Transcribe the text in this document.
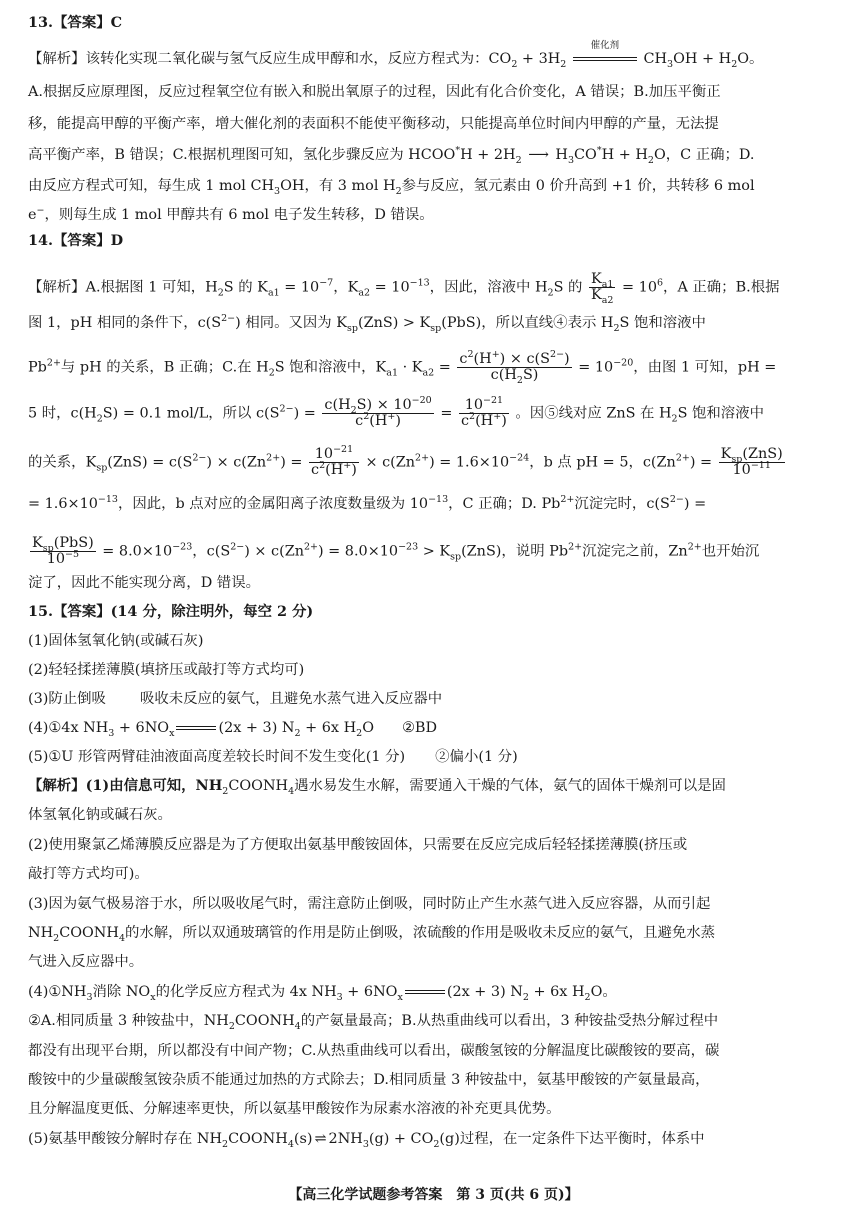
13.【答案】C
【解析】该转化实现二氧化碳与氢气反应生成甲醇和水，反应方程式为：$CO_2 + 3H_2$
催化剂
$CH_3OH + H_2O$。
A.根据反应原理图，反应过程氧空位有嵌入和脱出氧原子的过程，因此有化合价变化，A 错误；B.加压平衡正
移，能提高甲醇的平衡产率，增大催化剂的表面积不能使平衡移动，只能提高单位时间内甲醇的产量，无法提
高平衡产率，B 错误；C.根据机理图可知，氢化步骤反应为 HCOO*H + $2H_2$ ⟶ $H_3CO^*H + H_2O$，C 正确；D.
由反应方程式可知，每生成 1 mol $CH_3OH$，有 3 mol $H_2$参与反应，氢元素由 0 价升高到 +1 价，共转移 6 mol
e−，则每生成 1 mol 甲醇共有 6 mol 电子发生转移，D 错误。
14.【答案】D
【解析】A.根据图 1 可知，$H_2S$ 的 $K_{a1} = 10^{-7}$，$K_{a2} = 10^{-13}$，因此，溶液中 $H_2S$ 的 $\frac{K_{a1}}{K_{a2}} = 10^6$，A 正确；B.根据
图 1，pH 相同的条件下，$c(S^{2-})$ 相同。又因为 $K_{sp}(ZnS) > K_{sp}(PbS)$，所以直线④表示 $H_2S$ 饱和溶液中
$Pb^{2+}$与 pH 的关系，B 正确；C.在 $H_2S$ 饱和溶液中，$K_{a1} \cdot K_{a2} = \frac{c^2(H^+) \times c(S^{2-})}{c(H_2S)} = 10^{-20}$，由图 1 可知，pH =
5 时，$c(H_2S) = 0.1$ mol/L，所以 $c(S^{2-}) = \frac{c(H_2S) \times 10^{-20}}{c^2(H^+)} = \frac{10^{-21}}{c^2(H^+)}$ 。因⑤线对应 ZnS 在 $H_2S$ 饱和溶液中
的关系，$K_{sp}(ZnS) = c(S^{2-}) \times c(Zn^{2+}) = \frac{10^{-21}}{c^2(H^+)} \times c(Zn^{2+}) = 1.6\times 10^{-24}$，b 点 pH = 5，$c(Zn^{2+}) = \frac{K_{sp}(ZnS)}{10^{-11}}$
= $1.6\times 10^{-13}$，因此，b 点对应的金属阳离子浓度数量级为 $10^{-13}$，C 正确；D. $Pb^{2+}$沉淀完时，$c(S^{2-})$ =
$\frac{K_{sp}(PbS)}{10^{-5}} = 8.0\times 10^{-23}$，$c(S^{2-}) \times c(Zn^{2+}) = 8.0\times 10^{-23} > K_{sp}(ZnS)$，说明 $Pb^{2+}$沉淀完之前，$Zn^{2+}$也开始沉
淀了，因此不能实现分离，D 错误。
15.【答案】(14 分，除注明外，每空 2 分)
(1)固体氢氧化钠(或碱石灰)
(2)轻轻揉搓薄膜(填挤压或敲打等方式均可)
(3)防止倒吸 吸收未反应的氨气，且避免水蒸气进入反应器中
(4)①4x $NH_3 + 6NO_x$	(2x + 3) $N_2 + 6x$ $H_2O$ ②BD
(5)①U 形管两臂硅油液面高度差较长时间不发生变化(1 分) ②偏小(1 分)
【解析】(1)由信息可知，$NH_2COONH_4$遇水易发生水解，需要通入干燥的气体，氨气的固体干燥剂可以是固
体氢氧化钠或碱石灰。
(2)使用聚氯乙烯薄膜反应器是为了方便取出氨基甲酸铵固体，只需要在反应完成后轻轻揉搓薄膜(挤压或
敲打等方式均可)。
(3)因为氨气极易溶于水，所以吸收尾气时，需注意防止倒吸，同时防止产生水蒸气进入反应容器，从而引起
$NH_2COONH_4$的水解，所以双通玻璃管的作用是防止倒吸，浓硫酸的作用是吸收未反应的氨气，且避免水蒸
气进入反应器中。
$(4)①NH_3$消除 $NO_x$的化学反应方程式为 4x $NH_3 + 6NO_x$	(2x + 3) $N_2 + 6x$ $H_2O$。
②A.相同质量 3 种铵盐中，$NH_2COONH_4$的产氨量最高；B.从热重曲线可以看出，3 种铵盐受热分解过程中
都没有出现平台期，所以都没有中间产物；C.从热重曲线可以看出，碳酸氢铵的分解温度比碳酸铵的要高，碳
酸铵中的少量碳酸氢铵杂质不能通过加热的方式除去；D.相同质量 3 种铵盐中，氨基甲酸铵的产氨量最高，
且分解温度更低、分解速率更快，所以氨基甲酸铵作为尿素水溶液的补充更具优势。
(5)氨基甲酸铵分解时存在 $NH_2COONH_4(s)$ ⇌ $2NH_3(g) + CO_2(g)$过程，在一定条件下达平衡时，体系中
【高三化学试题参考答案　第 3 页(共 6 页)】
